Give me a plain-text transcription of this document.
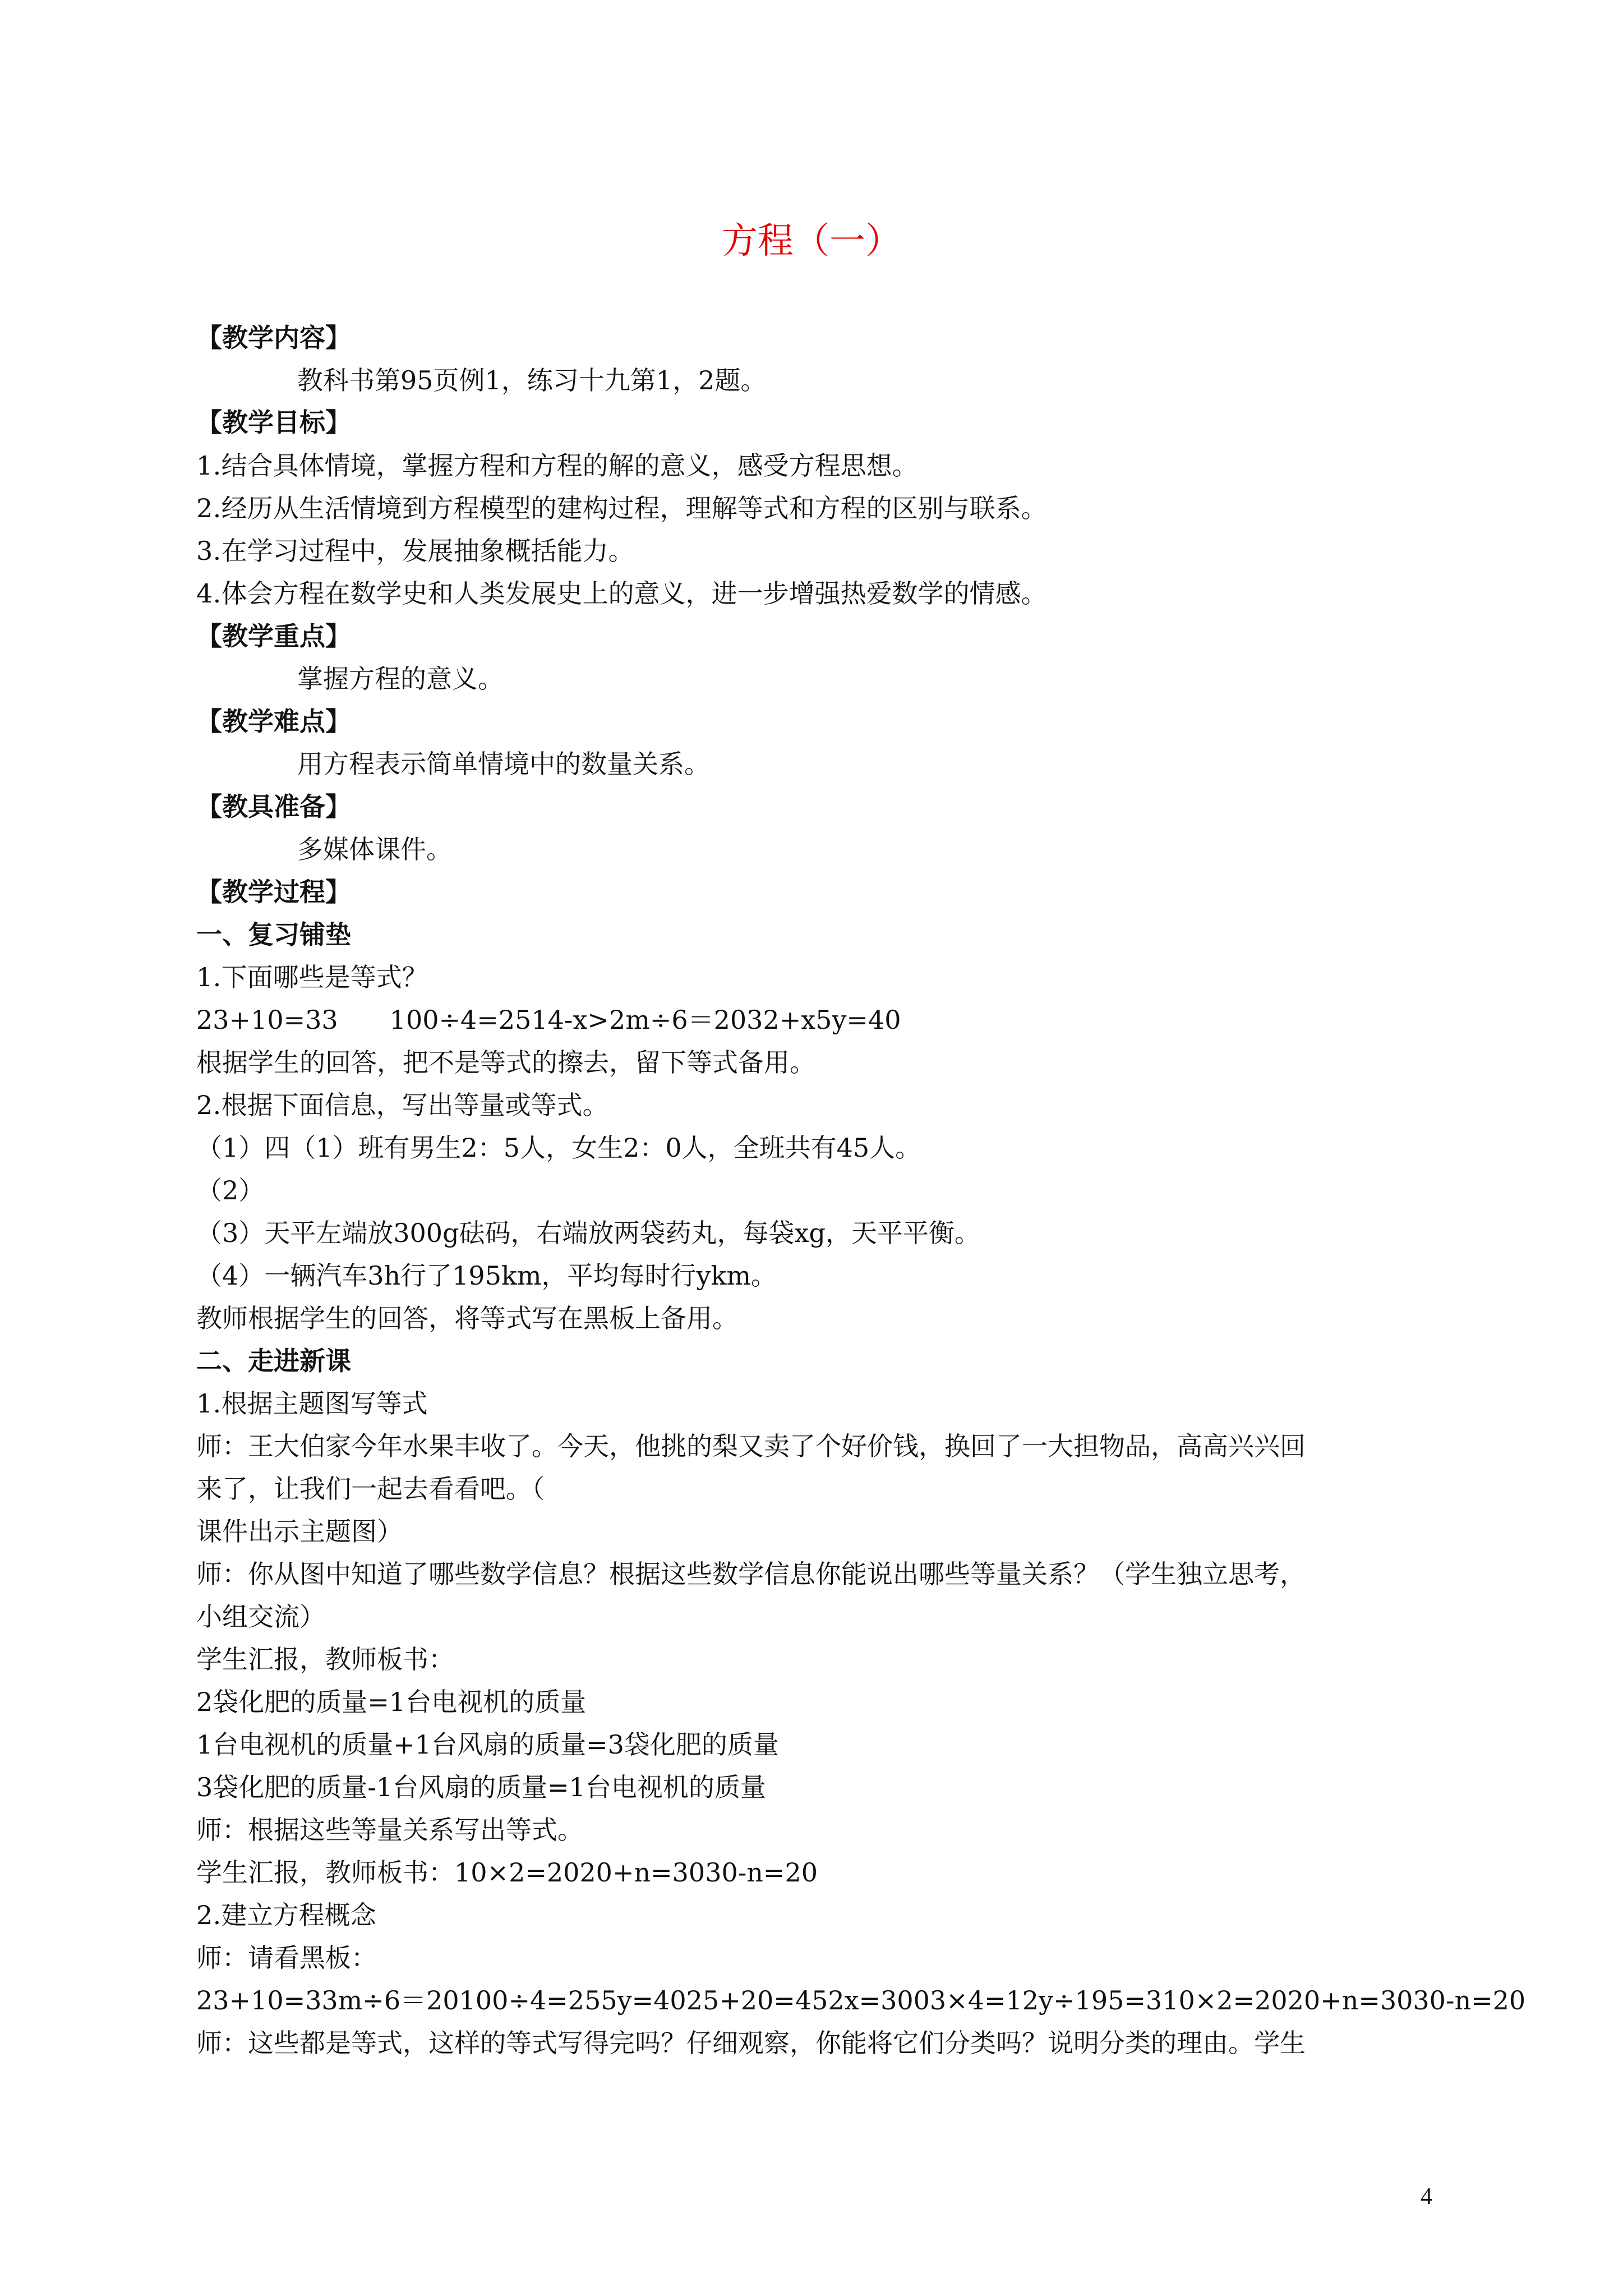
方程（一）
【教学内容】
教科书第95页例1，练习十九第1，2题。
【教学目标】
1․结合具体情境，掌握方程和方程的解的意义，感受方程思想。
2․经历从生活情境到方程模型的建构过程，理解等式和方程的区别与联系。
3․在学习过程中，发展抽象概括能力。
4․体会方程在数学史和人类发展史上的意义，进一步增强热爱数学的情感。
【教学重点】
掌握方程的意义。
【教学难点】
用方程表示简单情境中的数量关系。
【教具准备】
多媒体课件。
【教学过程】
一、复习铺垫
1․下面哪些是等式？
23+10=33　　100÷4=2514-x>2m÷6＝2032+x5y=40
根据学生的回答，把不是等式的擦去，留下等式备用。
2․根据下面信息，写出等量或等式。
（1）四（1）班有男生2：5人，女生2：0人，全班共有45人。
（2）
（3）天平左端放300g砝码，右端放两袋药丸，每袋xg，天平平衡。
（4）一辆汽车3h行了195km，平均每时行ykm。
教师根据学生的回答，将等式写在黑板上备用。
二、走进新课
1․根据主题图写等式
师：王大伯家今年水果丰收了。今天，他挑的梨又卖了个好价钱，换回了一大担物品，高高兴兴回
来了，让我们一起去看看吧。（
课件出示主题图）
师：你从图中知道了哪些数学信息？根据这些数学信息你能说出哪些等量关系？（学生独立思考，
小组交流）
学生汇报，教师板书：
2袋化肥的质量=1台电视机的质量
1台电视机的质量+1台风扇的质量=3袋化肥的质量
3袋化肥的质量-1台风扇的质量=1台电视机的质量
师：根据这些等量关系写出等式。
学生汇报，教师板书：10×2=2020+n=3030-n=20
2․建立方程概念
师：请看黑板：
23+10=33m÷6＝20100÷4=255y=4025+20=452x=3003×4=12y÷195=310×2=2020+n=3030-n=20
师：这些都是等式，这样的等式写得完吗？仔细观察，你能将它们分类吗？说明分类的理由。学生
4
